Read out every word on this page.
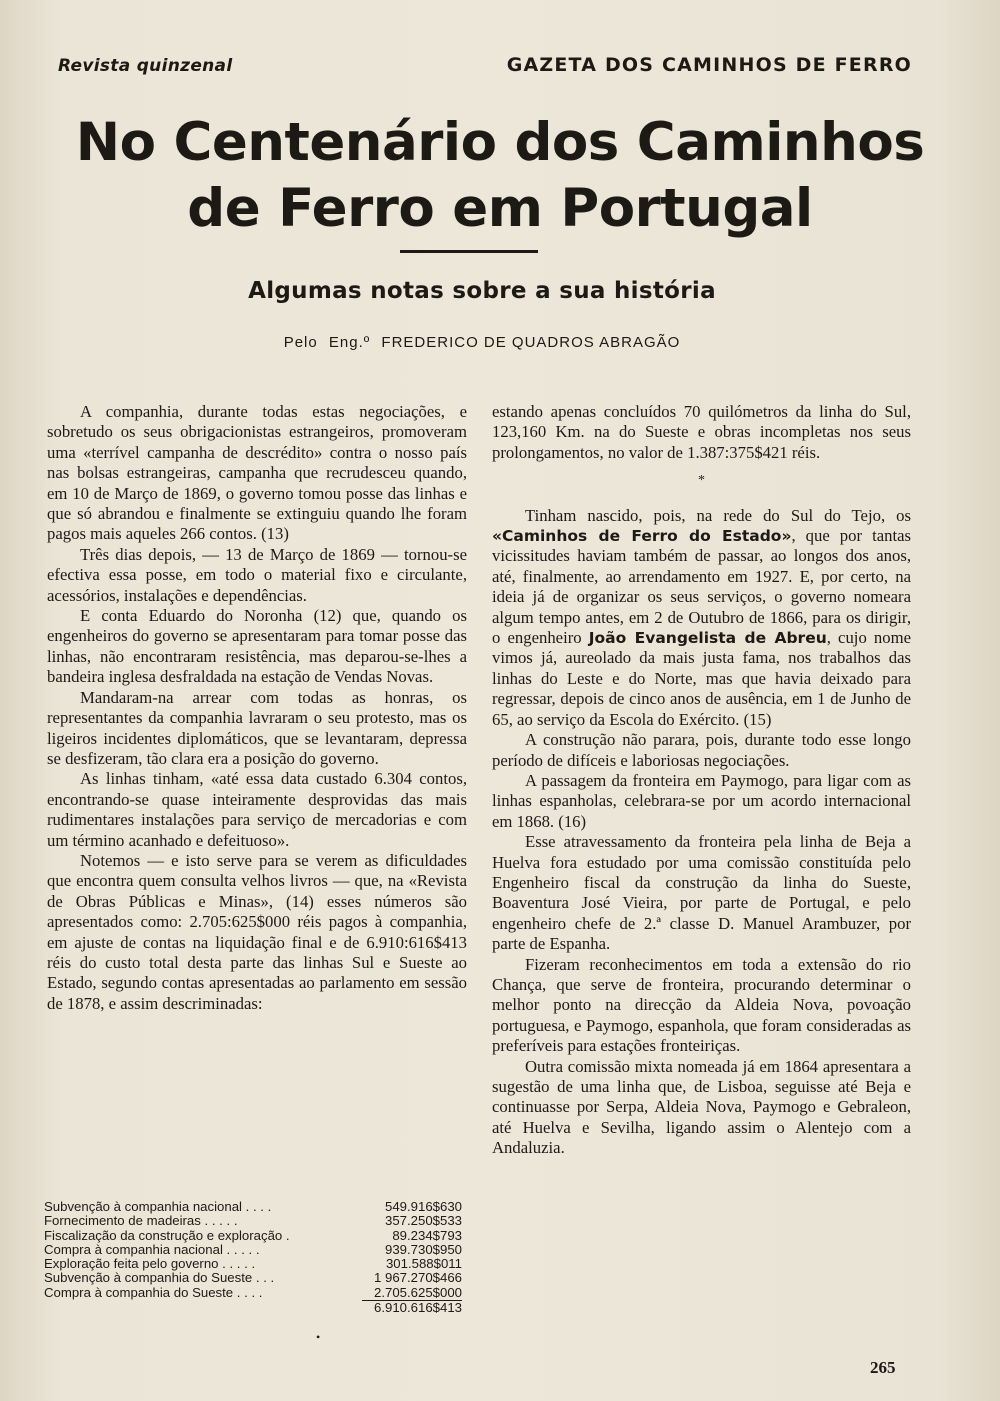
Revista quinzenal	GAZETA DOS CAMINHOS DE FERRO
No Centenário dos Caminhos
de Ferro em Portugal
Algumas notas sobre a sua história
Pelo Eng.º FREDERICO DE QUADROS ABRAGÃO

A companhia, durante todas estas negociações, e sobretudo os seus obrigacionistas estrangeiros, promoveram uma «terrível campanha de descrédito» contra o nosso país nas bolsas estrangeiras, campanha que recrudesceu quando, em 10 de Março de 1869, o governo tomou posse das linhas e que só abrandou e finalmente se extinguiu quando lhe foram pagos mais aqueles 266 contos. (13)

Três dias depois, — 13 de Março de 1869 — tornou-se efectiva essa posse, em todo o material fixo e circulante, acessórios, instalações e dependências.

E conta Eduardo do Noronha (12) que, quando os engenheiros do governo se apresentaram para tomar posse das linhas, não encontraram resistência, mas deparou-se-lhes a bandeira inglesa desfraldada na estação de Vendas Novas.

Mandaram-na arrear com todas as honras, os representantes da companhia lavraram o seu protesto, mas os ligeiros incidentes diplomáticos, que se levantaram, depressa se desfizeram, tão clara era a posição do governo.

As linhas tinham, «até essa data custado 6.304 contos, encontrando-se quase inteiramente desprovidas das mais rudimentares instalações para serviço de mercadorias e com um término acanhado e defeituoso».

Notemos — e isto serve para se verem as dificuldades que encontra quem consulta velhos livros — que, na «Revista de Obras Públicas e Minas», (14) esses números são apresentados como: 2.705:625$000 réis pagos à companhia, em ajuste de contas na liquidação final e de 6.910:616$413 réis do custo total desta parte das linhas Sul e Sueste ao Estado, segundo contas apresentadas ao parlamento em sessão de 1878, e assim descriminadas:

Subvenção à companhia nacional . . . .	549.916$630
Fornecimento de madeiras . . . . .	357.250$533
Fiscalização da construção e exploração .	89.234$793
Compra à companhia nacional . . . . .	939.730$950
Exploração feita pelo governo . . . . .	301.588$011
Subvenção à companhia do Sueste . . .	1 967.270$466
Compra à companhia do Sueste . . . .	2.705.625$000
6.910.616$413
•

estando apenas concluídos 70 quilómetros da linha do Sul, 123,160 Km. na do Sueste e obras incompletas nos seus prolongamentos, no valor de 1.387:375$421 réis.

*

Tinham nascido, pois, na rede do Sul do Tejo, os «Caminhos de Ferro do Estado», que por tantas vicissitudes haviam também de passar, ao longos dos anos, até, finalmente, ao arrendamento em 1927. E, por certo, na ideia já de organizar os seus serviços, o governo nomeara algum tempo antes, em 2 de Outubro de 1866, para os dirigir, o engenheiro João Evangelista de Abreu, cujo nome vimos já, aureolado da mais justa fama, nos trabalhos das linhas do Leste e do Norte, mas que havia deixado para regressar, depois de cinco anos de ausência, em 1 de Junho de 65, ao serviço da Escola do Exército. (15)

A construção não parara, pois, durante todo esse longo período de difíceis e laboriosas negociações.

A passagem da fronteira em Paymogo, para ligar com as linhas espanholas, celebrara-se por um acordo internacional em 1868. (16)

Esse atravessamento da fronteira pela linha de Beja a Huelva fora estudado por uma comissão constituída pelo Engenheiro fiscal da construção da linha do Sueste, Boaventura José Vieira, por parte de Portugal, e pelo engenheiro chefe de 2.ª classe D. Manuel Arambuzer, por parte de Espanha.

Fizeram reconhecimentos em toda a extensão do rio Chança, que serve de fronteira, procurando determinar o melhor ponto na direcção da Aldeia Nova, povoação portuguesa, e Paymogo, espanhola, que foram consideradas as preferíveis para estações fronteiriças.

Outra comissão mixta nomeada já em 1864 apresentara a sugestão de uma linha que, de Lisboa, seguisse até Beja e continuasse por Serpa, Aldeia Nova, Paymogo e Gebraleon, até Huelva e Sevilha, ligando assim o Alentejo com a Andaluzia.

265
